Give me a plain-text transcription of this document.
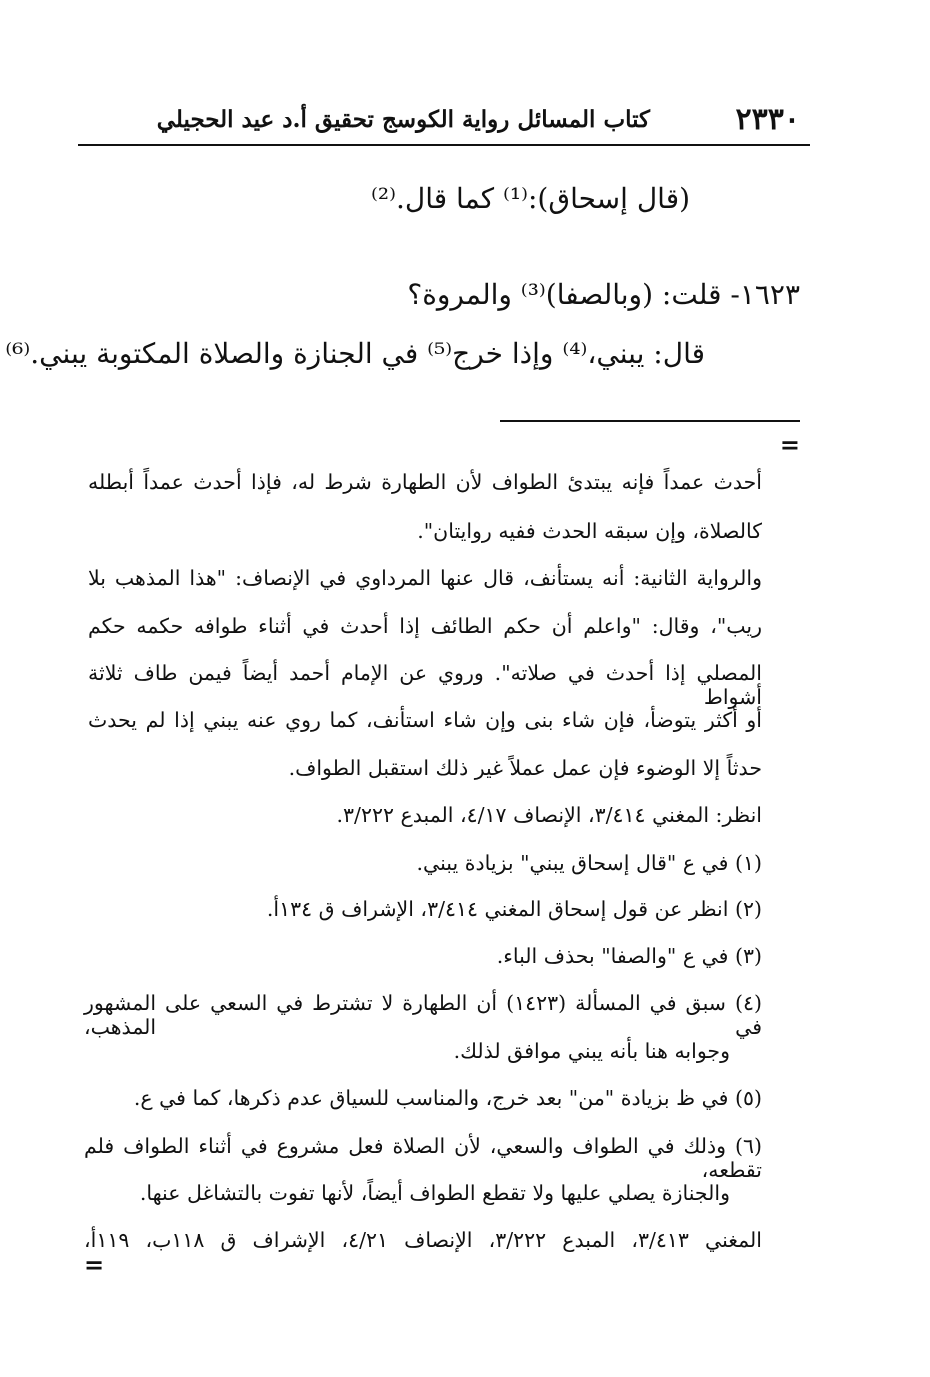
٢٣٣٠
كتاب المسائل رواية الكوسج تحقيق أ.د عيد الحجيلي
(قال إسحاق):⁽¹⁾ كما قال.⁽²⁾
١٦٢٣- قلت: (وبالصفا)⁽³⁾ والمروة؟
قال: يبني،⁽⁴⁾ وإذا خرج⁽⁵⁾ في الجنازة والصلاة المكتوبة يبني.⁽⁶⁾
=
أحدث عمداً فإنه يبتدئ الطواف لأن الطهارة شرط له، فإذا أحدث عمداً أبطله
كالصلاة، وإن سبقه الحدث ففيه روايتان".
والرواية الثانية: أنه يستأنف، قال عنها المرداوي في الإنصاف: "هذا المذهب بلا
ريب"، وقال: "واعلم أن حكم الطائف إذا أحدث في أثناء طوافه حكمه حكم
المصلي إذا أحدث في صلاته". وروي عن الإمام أحمد أيضاً فيمن طاف ثلاثة أشواط
أو أكثر يتوضأ، فإن شاء بنى وإن شاء استأنف، كما روي عنه يبني إذا لم يحدث
حدثاً إلا الوضوء فإن عمل عملاً غير ذلك استقبل الطواف.
انظر: المغني ٣/٤١٤، الإنصاف ٤/١٧، المبدع ٣/٢٢٢.
(١) في ع "قال إسحاق يبني" بزيادة يبني.
(٢) انظر عن قول إسحاق المغني ٣/٤١٤، الإشراف ق ١٣٤أ.
(٣) في ع "والصفا" بحذف الباء.
(٤) سبق في المسألة (١٤٢٣) أن الطهارة لا تشترط في السعي على المشهور في المذهب،
وجوابه هنا بأنه يبني موافق لذلك.
(٥) في ظ بزيادة "من" بعد خرج، والمناسب للسياق عدم ذكرها، كما في ع.
(٦) وذلك في الطواف والسعي، لأن الصلاة فعل مشروع في أثناء الطواف فلم تقطعه،
والجنازة يصلي عليها ولا تقطع الطواف أيضاً، لأنها تفوت بالتشاغل عنها.
المغني ٣/٤١٣، المبدع ٣/٢٢٢، الإنصاف ٤/٢١، الإشراف ق ١١٨ب، ١١٩أ،
=
